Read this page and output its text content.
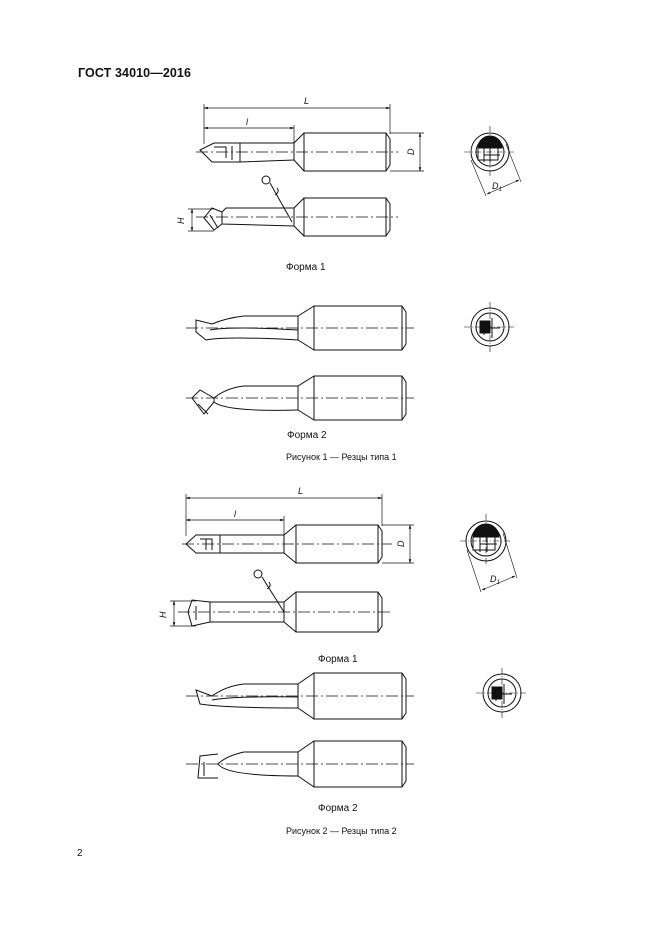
ГОСТ 34010—2016
L
l
D
$D_1$
H
L
l
D
$D_1$
H
Форма 1
Форма 2
Рисунок 1 — Резцы типа 1
Форма 1
Форма 2
Рисунок 2 — Резцы типа 2
2
